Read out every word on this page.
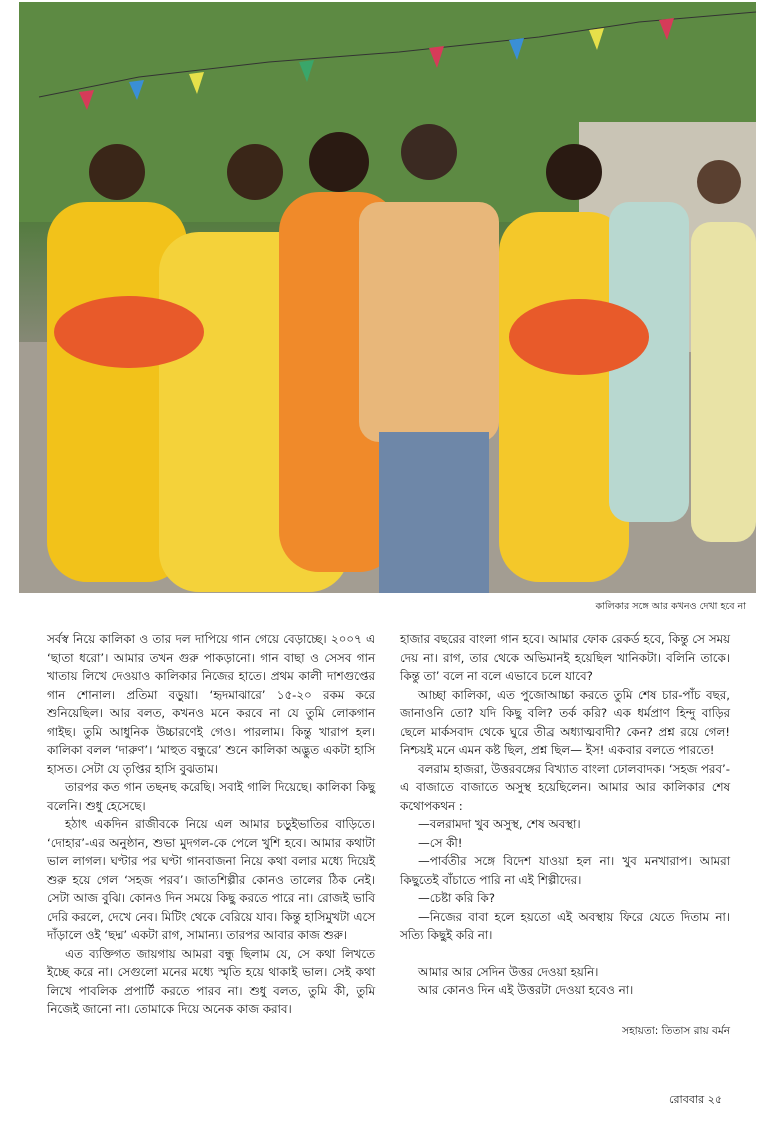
কালিকার সঙ্গে আর কখনও দেখা হবে না

সর্বস্ব নিয়ে কালিকা ও তার দল দাপিয়ে গান গেয়ে বেড়াচ্ছে। ২০০৭ এ ‘ছাতা ধরো’। আমার তখন গুরু পাকড়ানো। গান বাছা ও সেসব গান খাতায় লিখে দেওয়াও কালিকার নিজের হাতে। প্রথম কালী দাশগুপ্তের গান শোনাল। প্রতিমা বড়ুয়া। ‘হৃদমাঝারে’ ১৫-২০ রকম করে শুনিয়েছিল। আর বলত, কখনও মনে করবে না যে তুমি লোকগান গাইছ। তুমি আধুনিক উচ্চারণেই গেও। পারলাম। কিন্তু খারাপ হল। কালিকা বলল ‘দারুণ’। ‘মাহুত বন্ধুরে’ শুনে কালিকা অদ্ভুত একটা হাসি হাসত। সেটা যে তৃপ্তির হাসি বুঝতাম।

তারপর কত গান তছনছ করেছি। সবাই গালি দিয়েছে। কালিকা কিছু বলেনি। শুধু হেসেছে।

হঠাৎ একদিন রাজীবকে নিয়ে এল আমার চড়ুইভাতির বাড়িতে। ‘দোহার’-এর অনুষ্ঠান, শুভা মুদগল-কে পেলে খুশি হবে। আমার কথাটা ভাল লাগল। ঘণ্টার পর ঘণ্টা গানবাজনা নিয়ে কথা বলার মধ্যে দিয়েই শুরু হয়ে গেল ‘সহজ পরব’। জাতশিল্পীর কোনও তালের ঠিক নেই। সেটা আজ বুঝি। কোনও দিন সময়ে কিছু করতে পারে না। রোজই ভাবি দেরি করলে, দেখে নেব। মিটিং থেকে বেরিয়ে যাব। কিন্তু হাসিমুখটা এসে দাঁড়ালে ওই ‘ছদ্ম’ একটা রাগ, সামান্য। তারপর আবার কাজ শুরু।

এত ব্যক্তিগত জায়গায় আমরা বন্ধু ছিলাম যে, সে কথা লিখতে ইচ্ছে করে না। সেগুলো মনের মধ্যে স্মৃতি হয়ে থাকাই ভাল। সেই কথা লিখে পাবলিক প্রপার্টি করতে পারব না। শুধু বলত, তুমি কী, তুমি নিজেই জানো না। তোমাকে দিয়ে অনেক কাজ করাব।

হাজার বছরের বাংলা গান হবে। আমার ফোক রেকর্ড হবে, কিন্তু সে সময় দেয় না। রাগ, তার থেকে অভিমানই হয়েছিল খানিকটা। বলিনি তাকে। কিন্তু তা’ বলে না বলে এভাবে চলে যাবে?

আচ্ছা কালিকা, এত পুজোআচ্চা করতে তুমি শেষ চার-পাঁচ বছর, জানাওনি তো? যদি কিছু বলি? তর্ক করি? এক ধর্মপ্রাণ হিন্দু বাড়ির ছেলে মার্কসবাদ থেকে ঘুরে তীব্র অধ্যাত্মবাদী? কেন? প্রশ্ন রয়ে গেল! নিশ্চয়ই মনে এমন কষ্ট ছিল, প্রশ্ন ছিল— ইস! একবার বলতে পারতে!

বলরাম হাজরা, উত্তরবঙ্গের বিখ্যাত বাংলা ঢোলবাদক। ‘সহজ পরব’-এ বাজাতে বাজাতে অসুস্থ হয়েছিলেন। আমার আর কালিকার শেষ কথোপকথন :

—বলরামদা খুব অসুস্থ, শেষ অবস্থা।

—সে কী!

—পার্বতীর সঙ্গে বিদেশ যাওয়া হল না। খুব মনখারাপ। আমরা কিছুতেই বাঁচাতে পারি না এই শিল্পীদের।

—চেষ্টা করি কি?

—নিজের বাবা হলে হয়তো এই অবস্থায় ফিরে যেতে দিতাম না। সত্যি কিছুই করি না।

আমার আর সেদিন উত্তর দেওয়া হয়নি।

আর কোনও দিন এই উত্তরটা দেওয়া হবেও না।

সহায়তা: তিতাস রায় বর্মন
রোববার ২৫
